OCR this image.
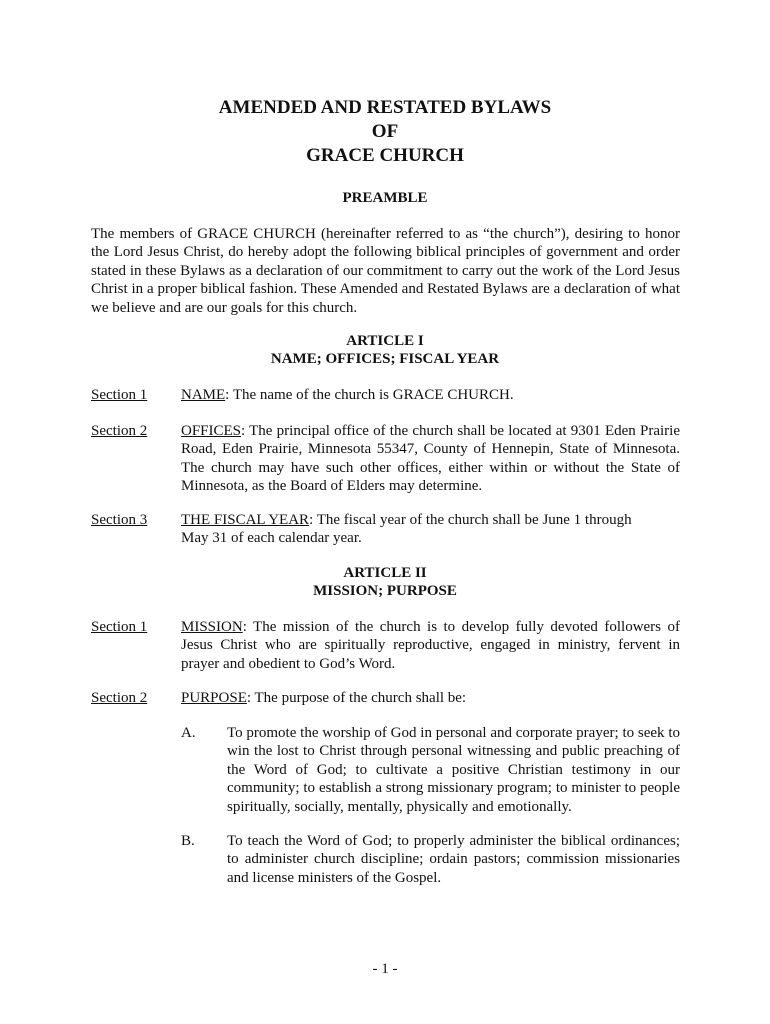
AMENDED AND RESTATED BYLAWS
OF
GRACE CHURCH
PREAMBLE

The members of GRACE CHURCH (hereinafter referred to as “the church”), desiring to honor the Lord Jesus Christ, do hereby adopt the following biblical principles of government and order stated in these Bylaws as a declaration of our commitment to carry out the work of the Lord Jesus Christ in a proper biblical fashion. These Amended and Restated Bylaws are a declaration of what we believe and are our goals for this church.

ARTICLE I
NAME; OFFICES; FISCAL YEAR
Section 1 NAME: The name of the church is GRACE CHURCH.

Section 2 OFFICES: The principal office of the church shall be located at 9301 Eden Prairie Road, Eden Prairie, Minnesota 55347, County of Hennepin, State of Minnesota. The church may have such other offices, either within or without the State of Minnesota, as the Board of Elders may determine.

Section 3 THE FISCAL YEAR: The fiscal year of the church shall be June 1 through
May 31 of each calendar year.
ARTICLE II
MISSION; PURPOSE
Section 1 MISSION: The mission of the church is to develop fully devoted followers of Jesus Christ who are spiritually reproductive, engaged in ministry, fervent in prayer and obedient to God’s Word.

Section 2 PURPOSE: The purpose of the church shall be:

A. To promote the worship of God in personal and corporate prayer; to seek to win the lost to Christ through personal witnessing and public preaching of the Word of God; to cultivate a positive Christian testimony in our community; to establish a strong missionary program; to minister to people spiritually, socially, mentally, physically and emotionally.

B. To teach the Word of God; to properly administer the biblical ordinances; to administer church discipline; ordain pastors; commission missionaries and license ministers of the Gospel.

- 1 -
